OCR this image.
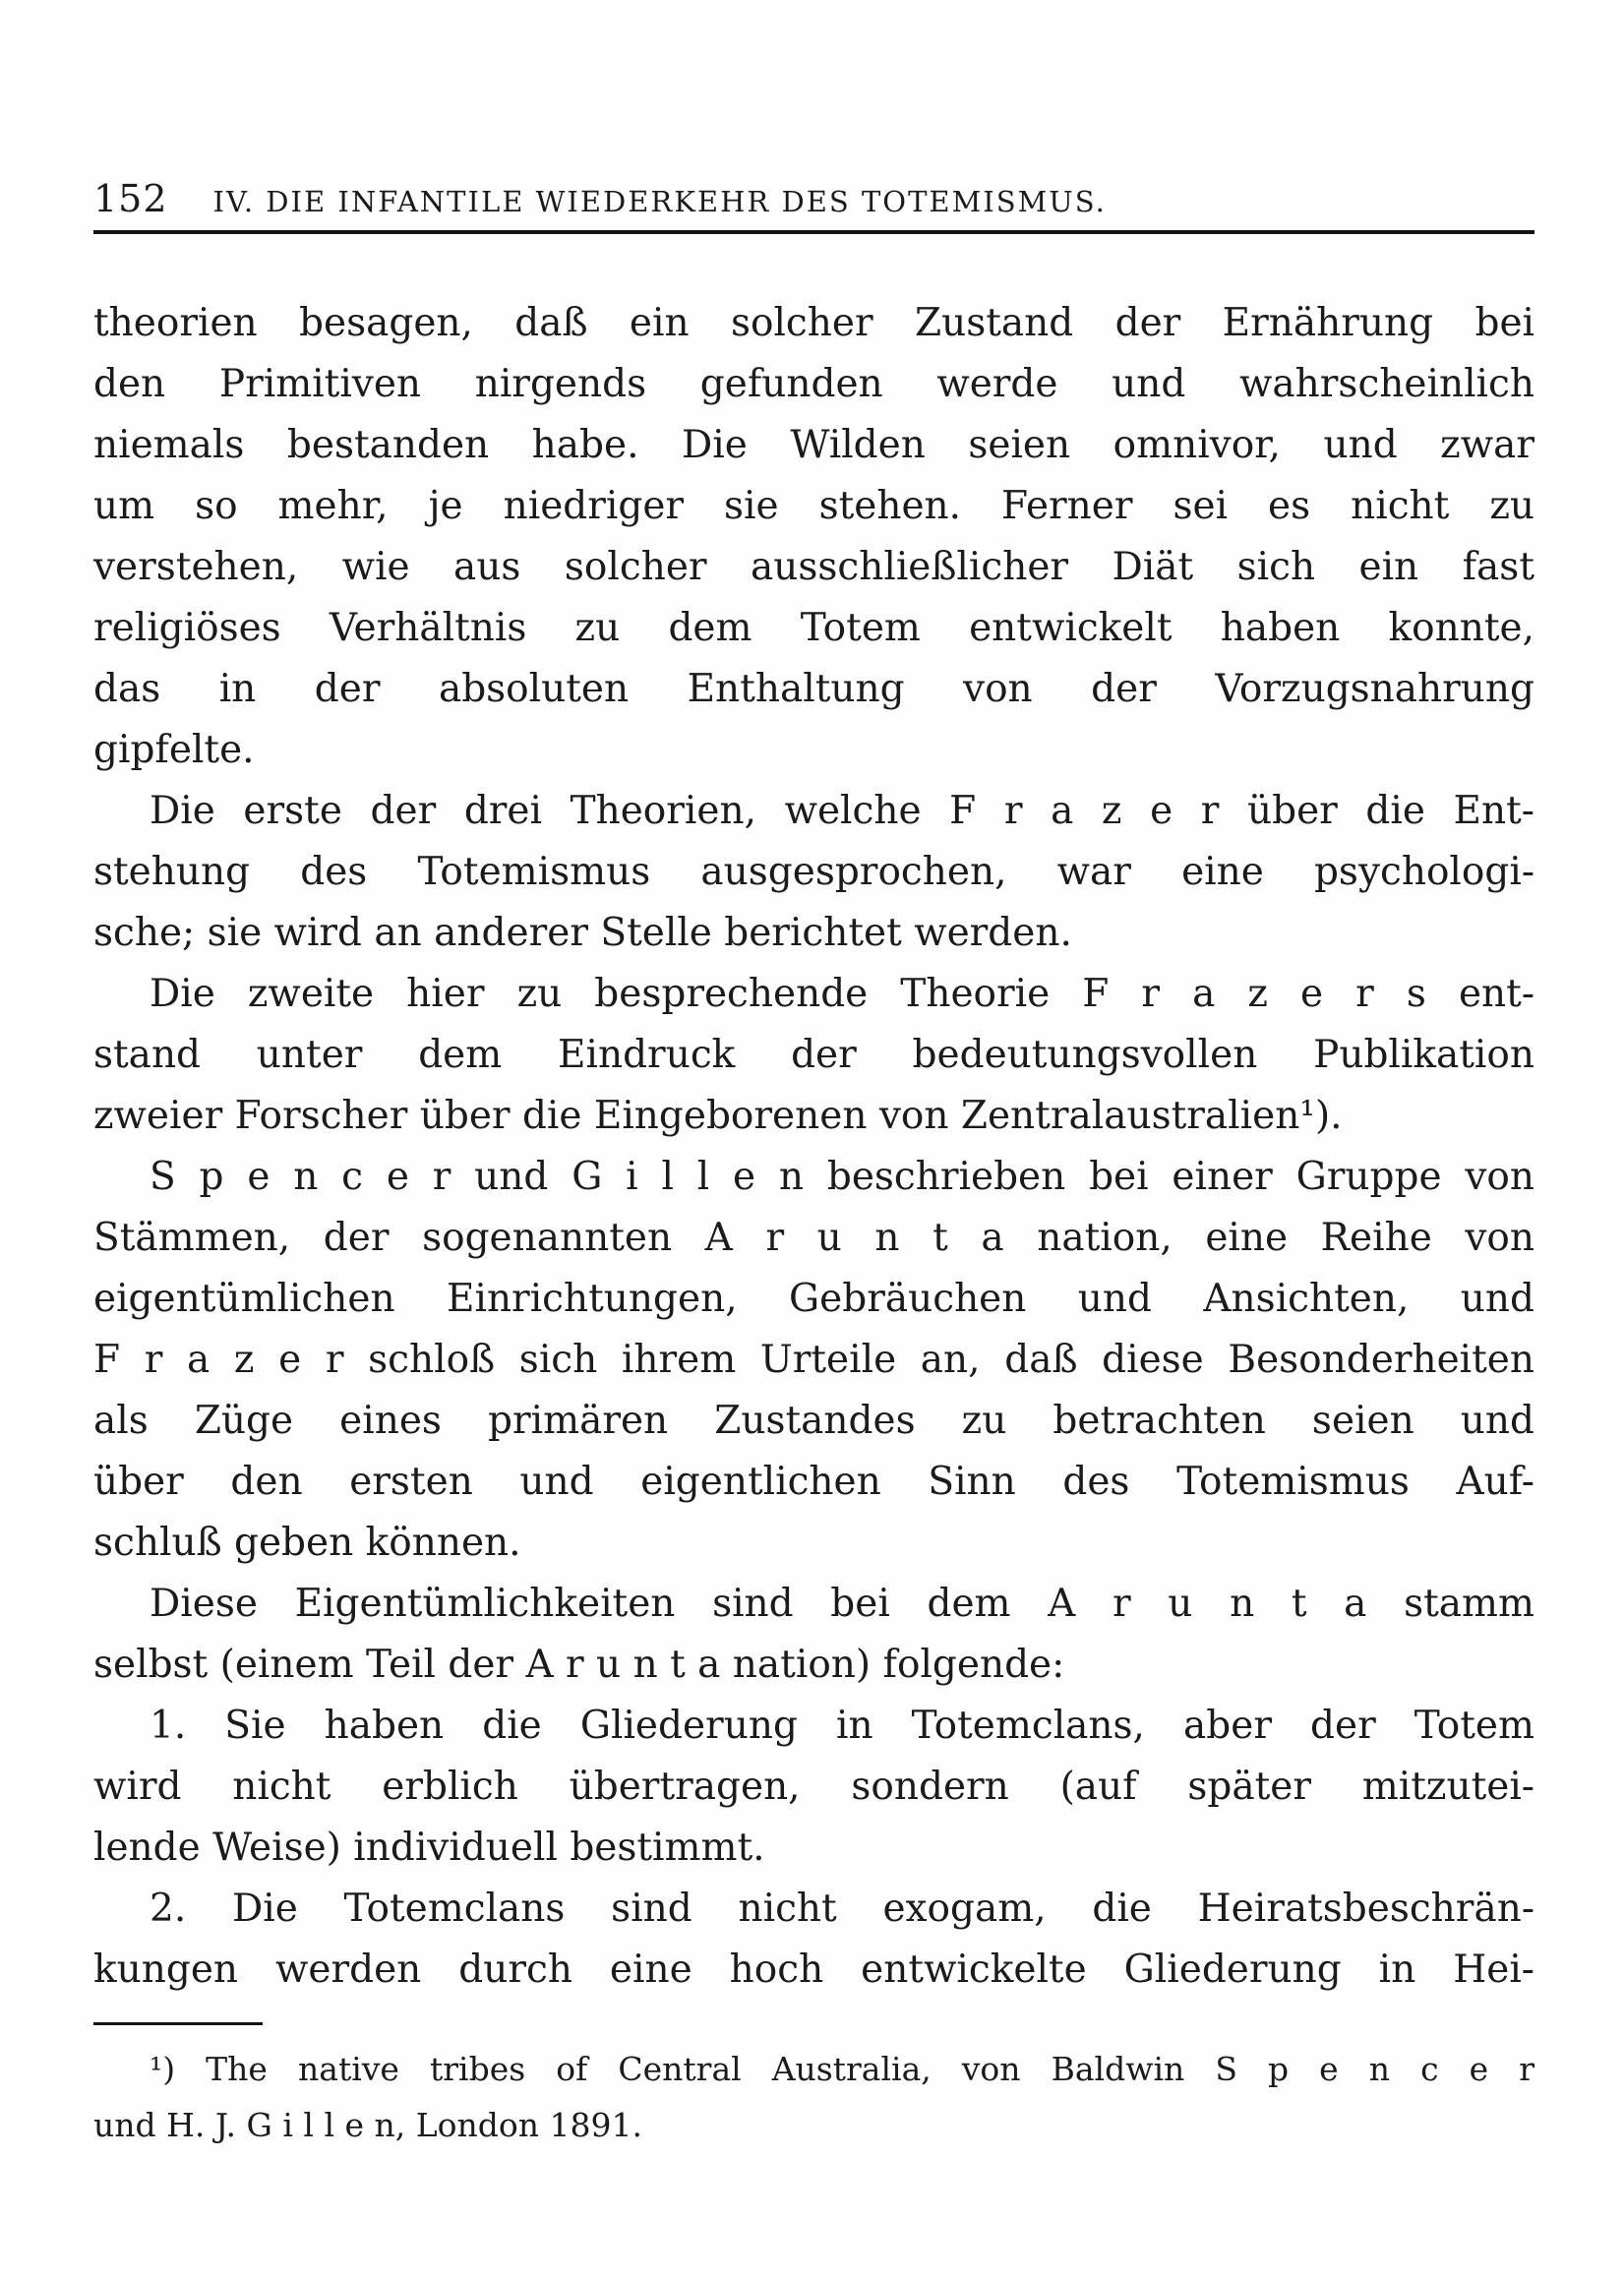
152 IV. DIE INFANTILE WIEDERKEHR DES TOTEMISMUS.
theorien besagen, daß ein solcher Zustand der Ernährung bei
den Primitiven nirgends gefunden werde und wahrscheinlich
niemals bestanden habe. Die Wilden seien omnivor, und zwar
um so mehr, je niedriger sie stehen. Ferner sei es nicht zu
verstehen, wie aus solcher ausschließlicher Diät sich ein fast
religiöses Verhältnis zu dem Totem entwickelt haben konnte,
das in der absoluten Enthaltung von der Vorzugsnahrung
gipfelte.
Die erste der drei Theorien, welche F r a z e r über die Ent-
stehung des Totemismus ausgesprochen, war eine psychologi-
sche; sie wird an anderer Stelle berichtet werden.
Die zweite hier zu besprechende Theorie F r a z e r s ent-
stand unter dem Eindruck der bedeutungsvollen Publikation
zweier Forscher über die Eingeborenen von Zentralaustralien¹).
S p e n c e r und G i l l e n beschrieben bei einer Gruppe von
Stämmen, der sogenannten A r u n t a nation, eine Reihe von
eigentümlichen Einrichtungen, Gebräuchen und Ansichten, und
F r a z e r schloß sich ihrem Urteile an, daß diese Besonderheiten
als Züge eines primären Zustandes zu betrachten seien und
über den ersten und eigentlichen Sinn des Totemismus Auf-
schluß geben können.
Diese Eigentümlichkeiten sind bei dem A r u n t a stamm
selbst (einem Teil der A r u n t a nation) folgende:
1. Sie haben die Gliederung in Totemclans, aber der Totem
wird nicht erblich übertragen, sondern (auf später mitzutei-
lende Weise) individuell bestimmt.
2. Die Totemclans sind nicht exogam, die Heiratsbeschrän-
kungen werden durch eine hoch entwickelte Gliederung in Hei-
¹) The native tribes of Central Australia, von Baldwin S p e n c e r
und H. J. G i l l e n, London 1891.
